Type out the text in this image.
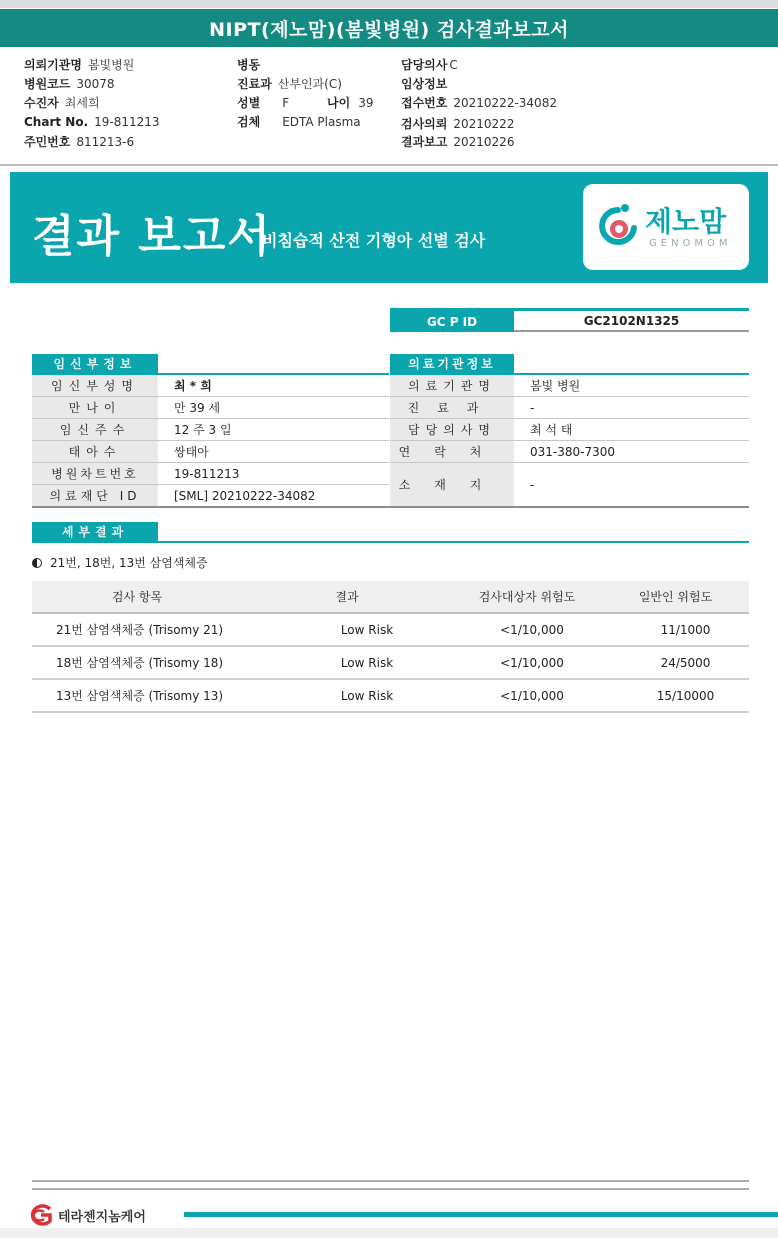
NIPT(제노맘)(봄빛병원) 검사결과보고서
의뢰기관명 봄빛병원
병원코드 30078
수진자 최세희
Chart No. 19-811213
주민번호 811213-6
병동
진료과 산부인과(C)
성별 F	나이 39
검체 EDTA Plasma
담당의사 C
임상정보
접수번호 20210222-34082
검사의뢰 20210222
결과보고 20210226
결과 보고서
비침습적 산전 기형아 선별 검사
제노맘
GENOMOM
GC P ID	GC2102N1325
임신부정보
임신부성명	최 * 희
만나이	만 39 세
임신주수	12 주 3 일
태아수	쌍태아
병원차트번호	19-811213
의료재단 ID	[SML] 20210222-34082
의료기관정보
의료기관명	봄빛 병원
진료과	-
담당의사명	최 석 태
연락처	031-380-7300
소재지	-
세부결과
21번, 18번, 13번 삼염색체증
검사 항목	결과	검사대상자 위험도	일반인 위험도
21번 삼염색체증 (Trisomy 21)	Low Risk	<1/10,000	11/1000
18번 삼염색체증 (Trisomy 18)	Low Risk	<1/10,000	24/5000
13번 삼염색체증 (Trisomy 13)	Low Risk	<1/10,000	15/10000
테라젠지놈케어
